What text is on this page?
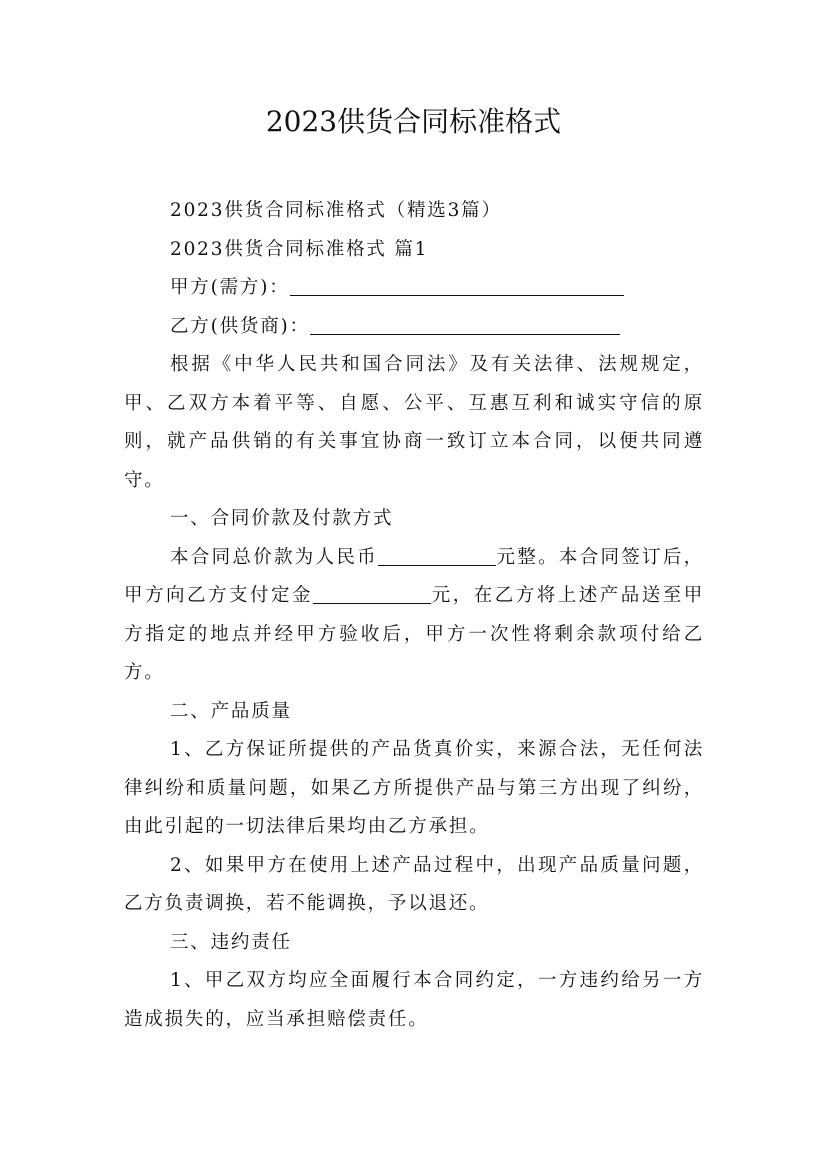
2023供货合同标准格式

2023供货合同标准格式（精选3篇）

2023供货合同标准格式 篇1

甲方(需方)：

乙方(供货商)：

根据《中华人民共和国合同法》及有关法律、法规规定，甲、乙双方本着平等、自愿、公平、互惠互利和诚实守信的原则，就产品供销的有关事宜协商一致订立本合同，以便共同遵守。

一、合同价款及付款方式

本合同总价款为人民币	元整。本合同签订后，甲方向乙方支付定金	元，在乙方将上述产品送至甲方指定的地点并经甲方验收后，甲方一次性将剩余款项付给乙方。

二、产品质量

1、乙方保证所提供的产品货真价实，来源合法，无任何法律纠纷和质量问题，如果乙方所提供产品与第三方出现了纠纷，由此引起的一切法律后果均由乙方承担。

2、如果甲方在使用上述产品过程中，出现产品质量问题，乙方负责调换，若不能调换，予以退还。

三、违约责任

1、甲乙双方均应全面履行本合同约定，一方违约给另一方造成损失的，应当承担赔偿责任。
